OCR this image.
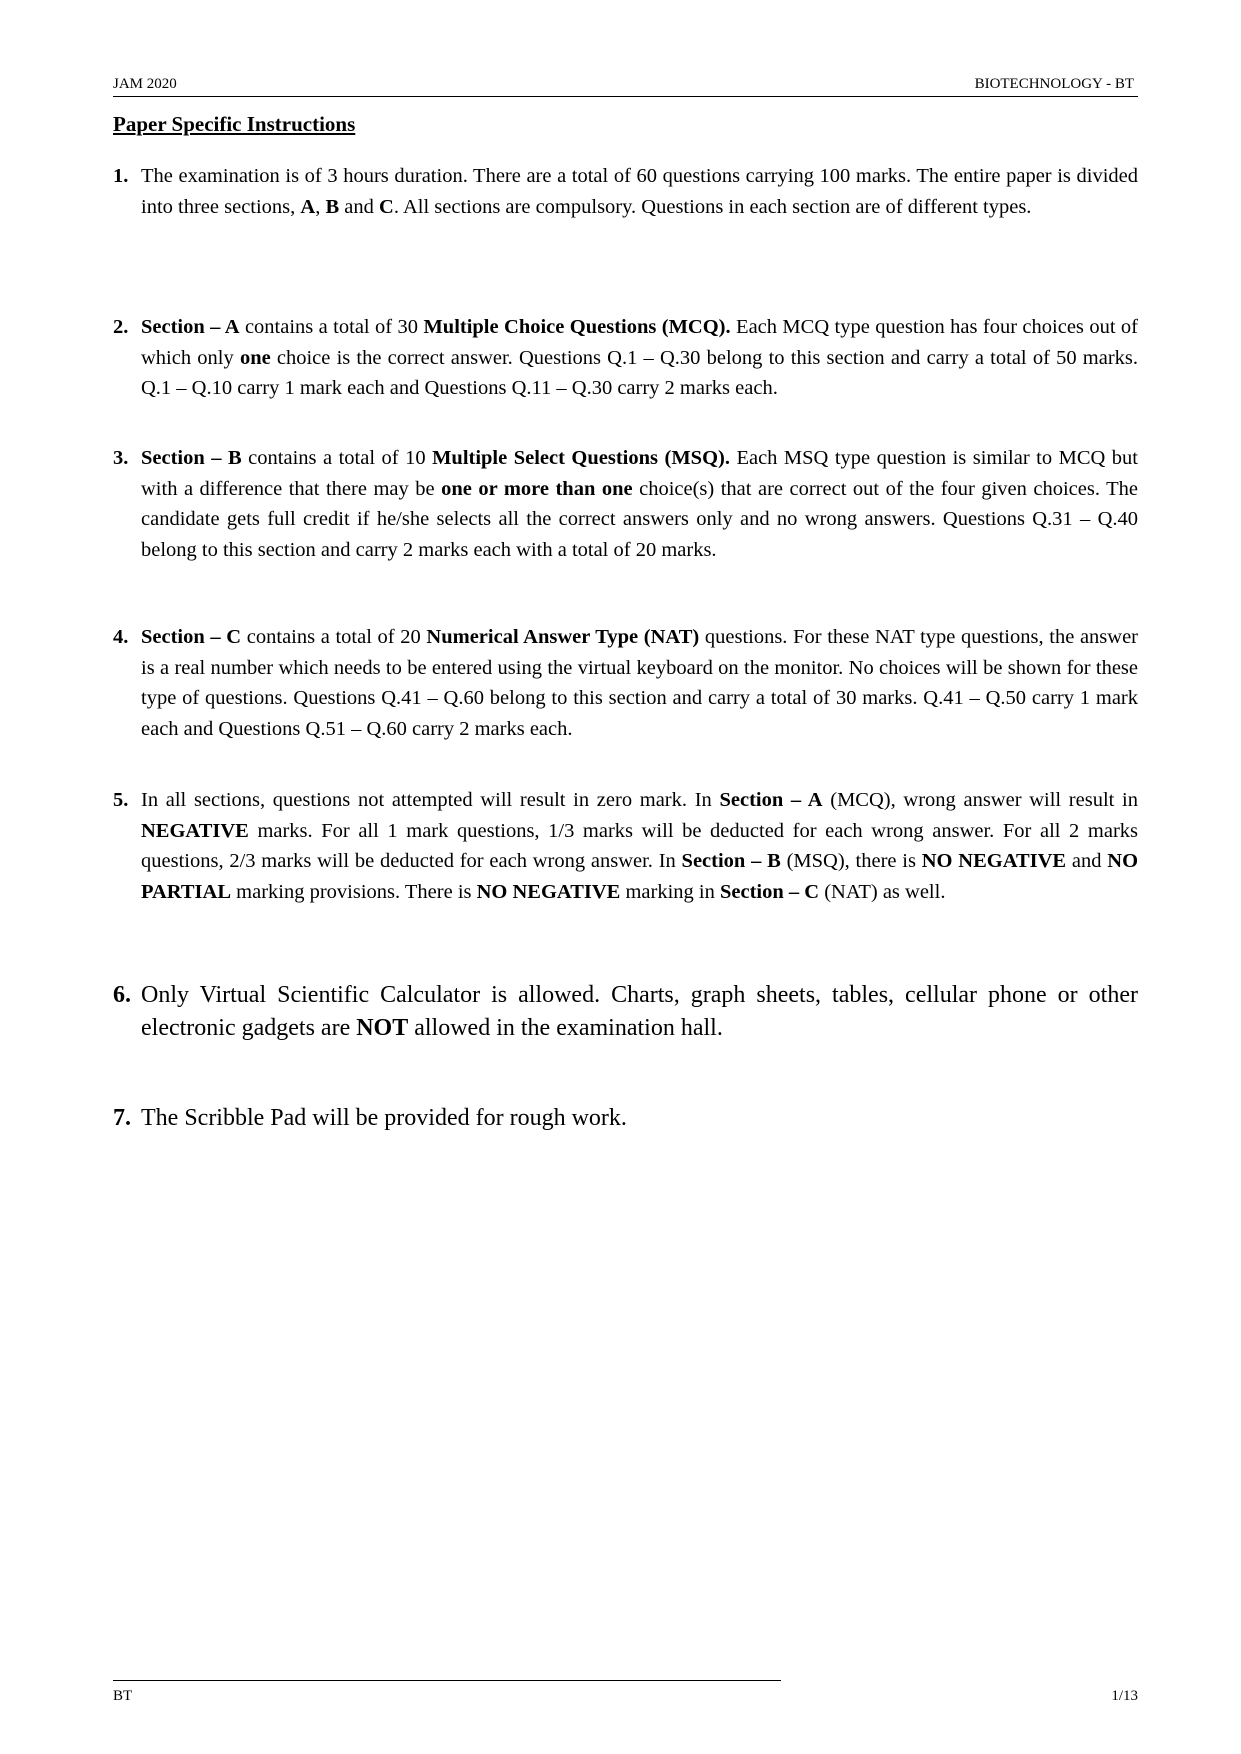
JAM 2020	BIOTECHNOLOGY - BT
Paper Specific Instructions
1. The examination is of 3 hours duration. There are a total of 60 questions carrying 100 marks. The entire paper is divided into three sections, A, B and C. All sections are compulsory. Questions in each section are of different types.
2. Section – A contains a total of 30 Multiple Choice Questions (MCQ). Each MCQ type question has four choices out of which only one choice is the correct answer. Questions Q.1 – Q.30 belong to this section and carry a total of 50 marks. Q.1 – Q.10 carry 1 mark each and Questions Q.11 – Q.30 carry 2 marks each.
3. Section – B contains a total of 10 Multiple Select Questions (MSQ). Each MSQ type question is similar to MCQ but with a difference that there may be one or more than one choice(s) that are correct out of the four given choices. The candidate gets full credit if he/she selects all the correct answers only and no wrong answers. Questions Q.31 – Q.40 belong to this section and carry 2 marks each with a total of 20 marks.
4. Section – C contains a total of 20 Numerical Answer Type (NAT) questions. For these NAT type questions, the answer is a real number which needs to be entered using the virtual keyboard on the monitor. No choices will be shown for these type of questions. Questions Q.41 – Q.60 belong to this section and carry a total of 30 marks. Q.41 – Q.50 carry 1 mark each and Questions Q.51 – Q.60 carry 2 marks each.
5. In all sections, questions not attempted will result in zero mark. In Section – A (MCQ), wrong answer will result in NEGATIVE marks. For all 1 mark questions, 1/3 marks will be deducted for each wrong answer. For all 2 marks questions, 2/3 marks will be deducted for each wrong answer. In Section – B (MSQ), there is NO NEGATIVE and NO PARTIAL marking provisions. There is NO NEGATIVE marking in Section – C (NAT) as well.
6. Only Virtual Scientific Calculator is allowed. Charts, graph sheets, tables, cellular phone or other electronic gadgets are NOT allowed in the examination hall.
7. The Scribble Pad will be provided for rough work.
BT	1/13
